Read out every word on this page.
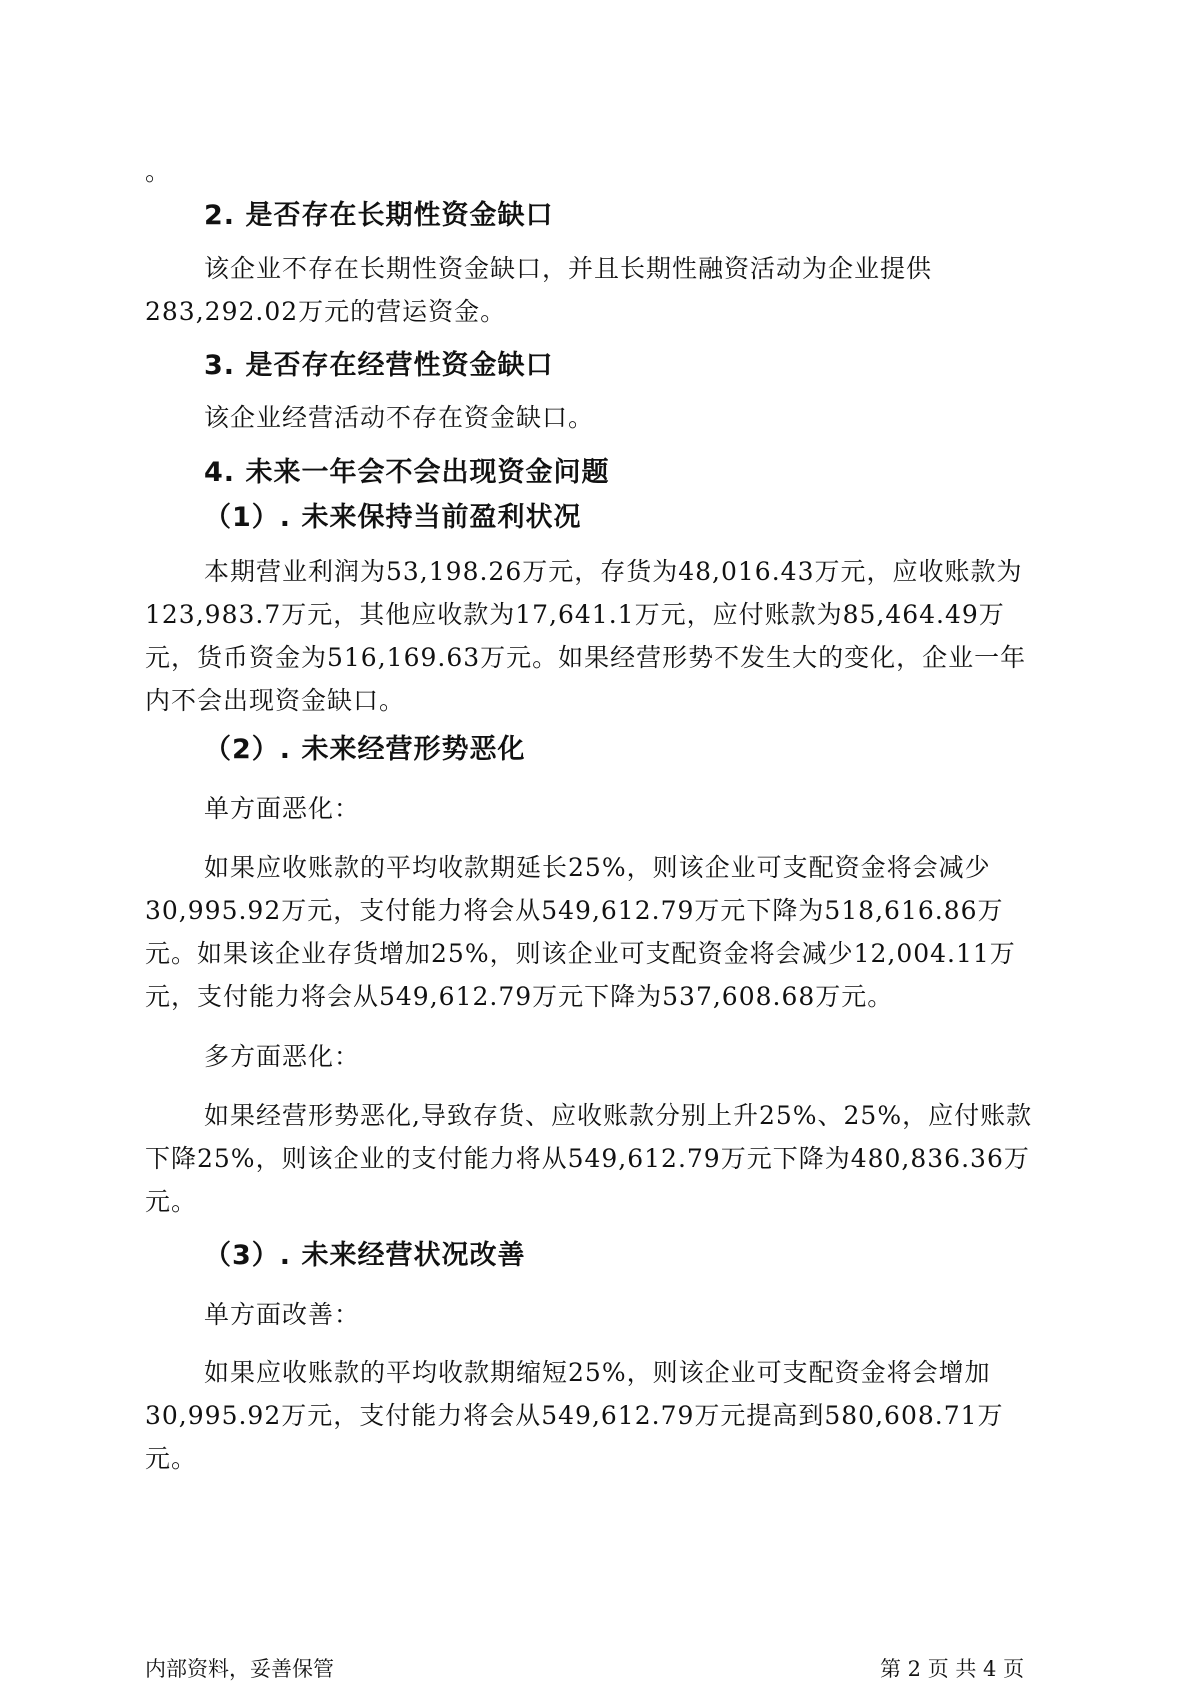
。

2. 是否存在长期性资金缺口

该企业不存在长期性资金缺口，并且长期性融资活动为企业提供283,292.02万元的营运资金。

3. 是否存在经营性资金缺口

该企业经营活动不存在资金缺口。

4. 未来一年会不会出现资金问题

（1）. 未来保持当前盈利状况

本期营业利润为53,198.26万元，存货为48,016.43万元，应收账款为123,983.7万元，其他应收款为17,641.1万元，应付账款为85,464.49万元，货币资金为516,169.63万元。如果经营形势不发生大的变化，企业一年内不会出现资金缺口。

（2）. 未来经营形势恶化

单方面恶化：

如果应收账款的平均收款期延长25%，则该企业可支配资金将会减少30,995.92万元，支付能力将会从549,612.79万元下降为518,616.86万元。如果该企业存货增加25%，则该企业可支配资金将会减少12,004.11万元，支付能力将会从549,612.79万元下降为537,608.68万元。

多方面恶化：

如果经营形势恶化,导致存货、应收账款分别上升25%、25%，应付账款下降25%，则该企业的支付能力将从549,612.79万元下降为480,836.36万元。

（3）. 未来经营状况改善

单方面改善：

如果应收账款的平均收款期缩短25%，则该企业可支配资金将会增加30,995.92万元，支付能力将会从549,612.79万元提高到580,608.71万元。

内部资料，妥善保管	第 2 页 共 4 页
